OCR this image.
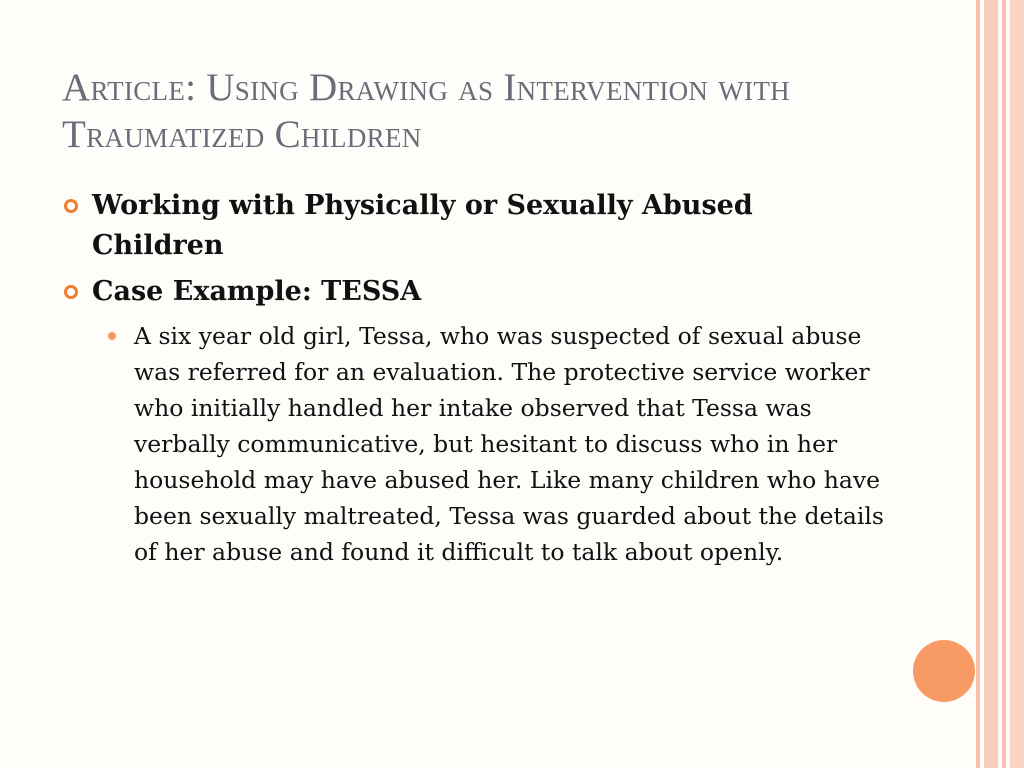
Article: Using Drawing as Intervention with Traumatized Children
Working with Physically or Sexually Abused Children
Case Example: TESSA
A six year old girl, Tessa, who was suspected of sexual abuse was referred for an evaluation. The protective service worker who initially handled her intake observed that Tessa was verbally communicative, but hesitant to discuss who in her household may have abused her. Like many children who have been sexually maltreated, Tessa was guarded about the details of her abuse and found it difficult to talk about openly.
